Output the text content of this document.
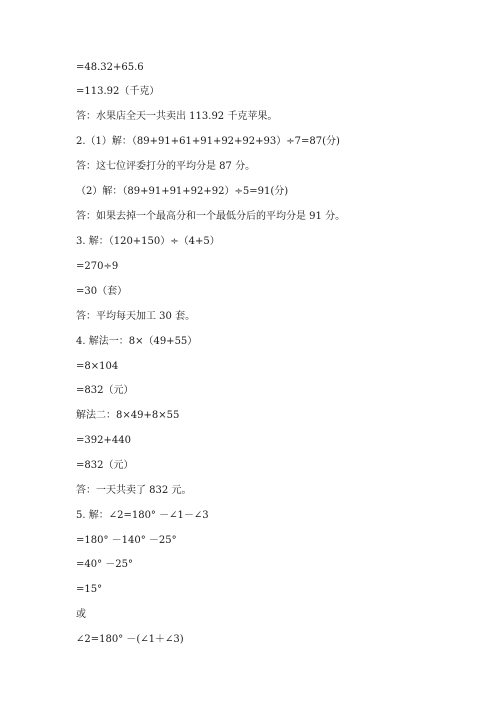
=48.32+65.6
=113.92（千克）
答：水果店全天一共卖出 113.92 千克苹果。
2.（1）解：（89+91+61+91+92+92+93）÷7=87(分)
答：这七位评委打分的平均分是 87 分。
（2）解：（89+91+91+92+92）÷5=91(分)
答：如果去掉一个最高分和一个最低分后的平均分是 91 分。
3. 解：（120+150）÷（4+5）
=270÷9
=30（套）
答：平均每天加工 30 套。
4. 解法一：8×（49+55）
=8×104
=832（元）
解法二：8×49+8×55
=392+440
=832（元）
答：一天共卖了 832 元。
5. 解：∠2=180° －∠1－∠3
=180° －140° －25°
=40° －25°
=15°
或
∠2=180° －(∠1＋∠3)
